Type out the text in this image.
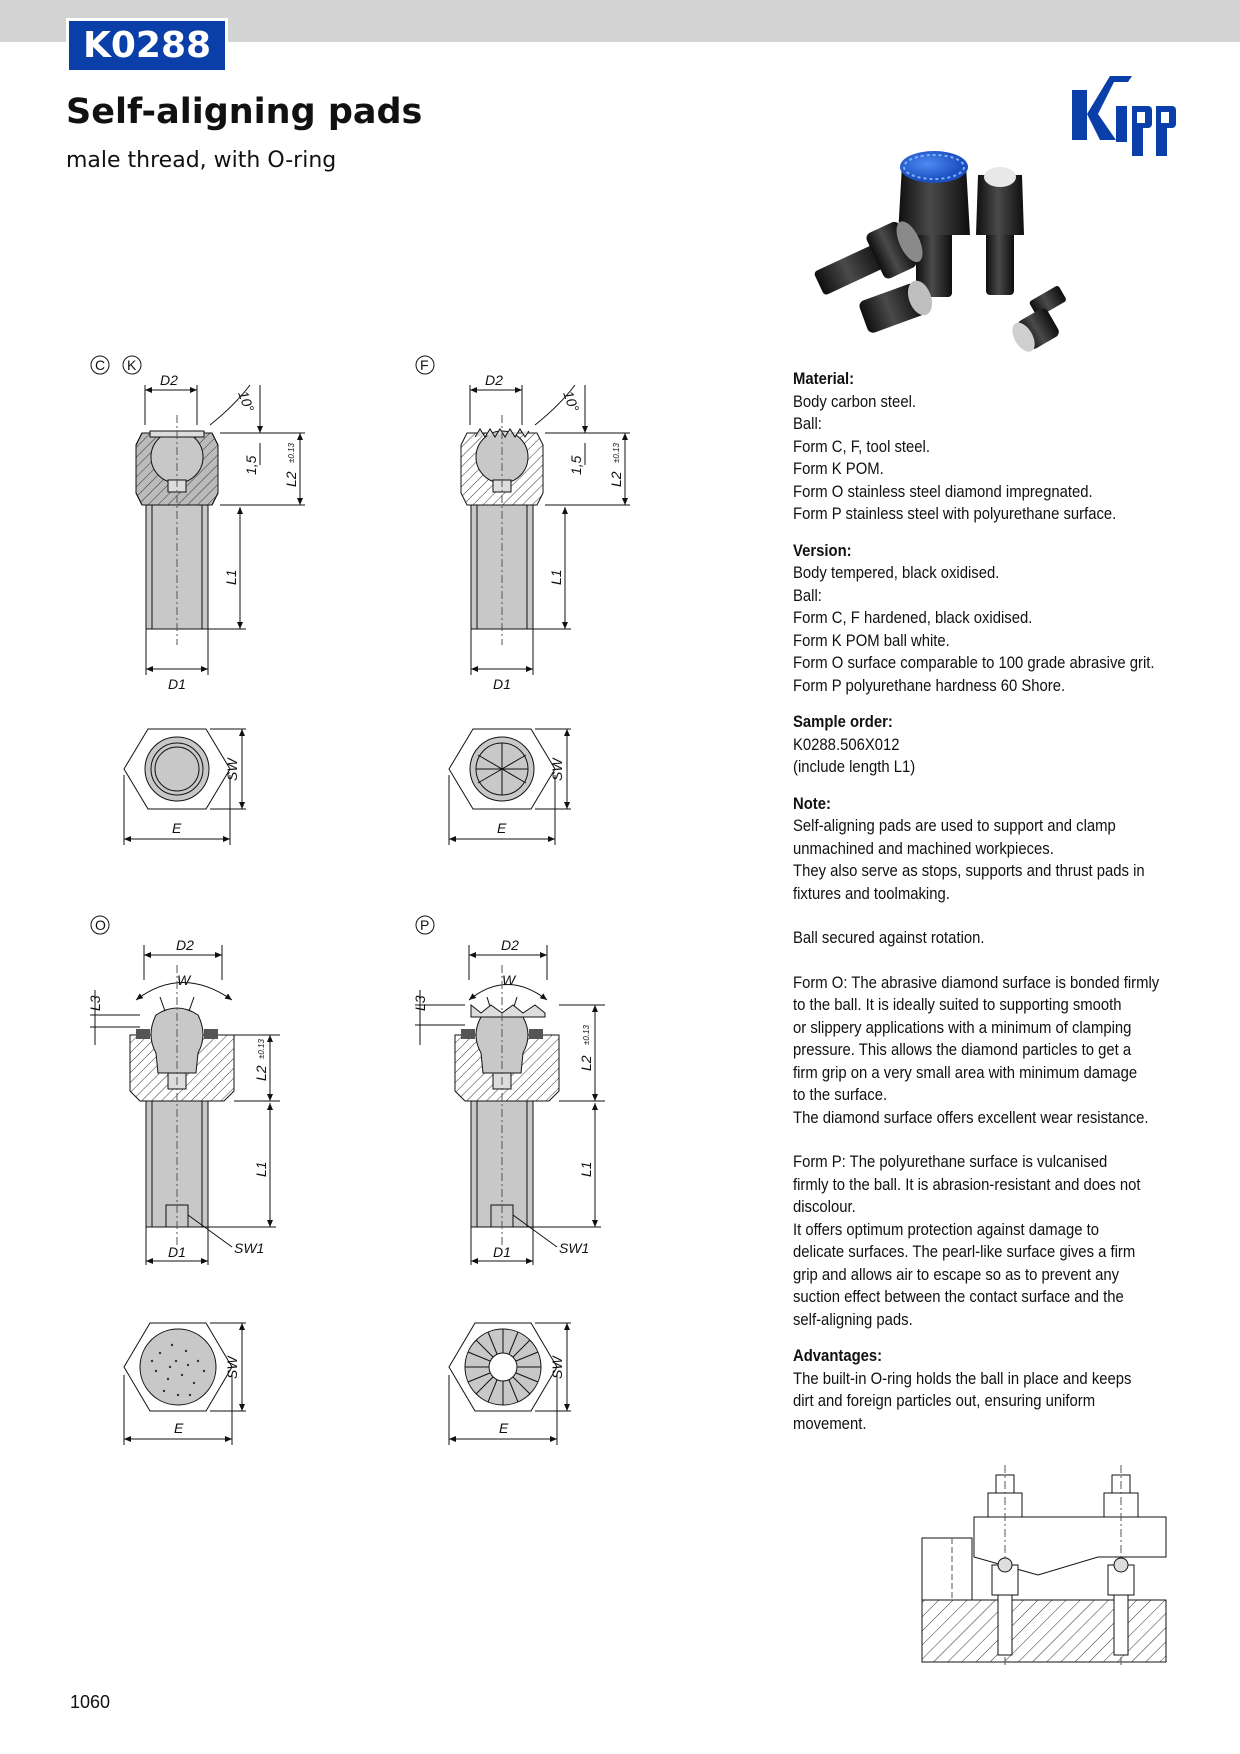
K0288
Self-aligning pads
male thread, with O-ring
C K
D2
10°
1,5
L2
±0.13
L1
D1
SW
E
F
D2
10°
1,5
L2
±0.13
L1
D1
SW
E
O
D2
W
L3
L2
±0.13
L1
SW1
D1
SW
E
P
D2
W
L3
L2
±0.13
L1
SW1
D1
SW
E
Material:
Body carbon steel.
Ball:
Form C, F, tool steel.
Form K POM.
Form O stainless steel diamond impregnated.
Form P stainless steel with polyurethane surface.
Version:
Body tempered, black oxidised.
Ball:
Form C, F hardened, black oxidised.
Form K POM ball white.
Form O surface comparable to 100 grade abrasive grit.
Form P polyurethane hardness 60 Shore.
Sample order:
K0288.506X012
(include length L1)
Note:
Self-aligning pads are used to support and clamp
unmachined and machined workpieces.
They also serve as stops, supports and thrust pads in
fixtures and toolmaking.
Ball secured against rotation.
Form O: The abrasive diamond surface is bonded firmly
to the ball. It is ideally suited to supporting smooth
or slippery applications with a minimum of clamping
pressure. This allows the diamond particles to get a
firm grip on a very small area with minimum damage
to the surface.
The diamond surface offers excellent wear resistance.
Form P: The polyurethane surface is vulcanised
firmly to the ball. It is abrasion-resistant and does not
discolour.
It offers optimum protection against damage to
delicate surfaces. The pearl-like surface gives a firm
grip and allows air to escape so as to prevent any
suction effect between the contact surface and the
self-aligning pads.
Advantages:
The built-in O-ring holds the ball in place and keeps
dirt and foreign particles out, ensuring uniform
movement.
1060
